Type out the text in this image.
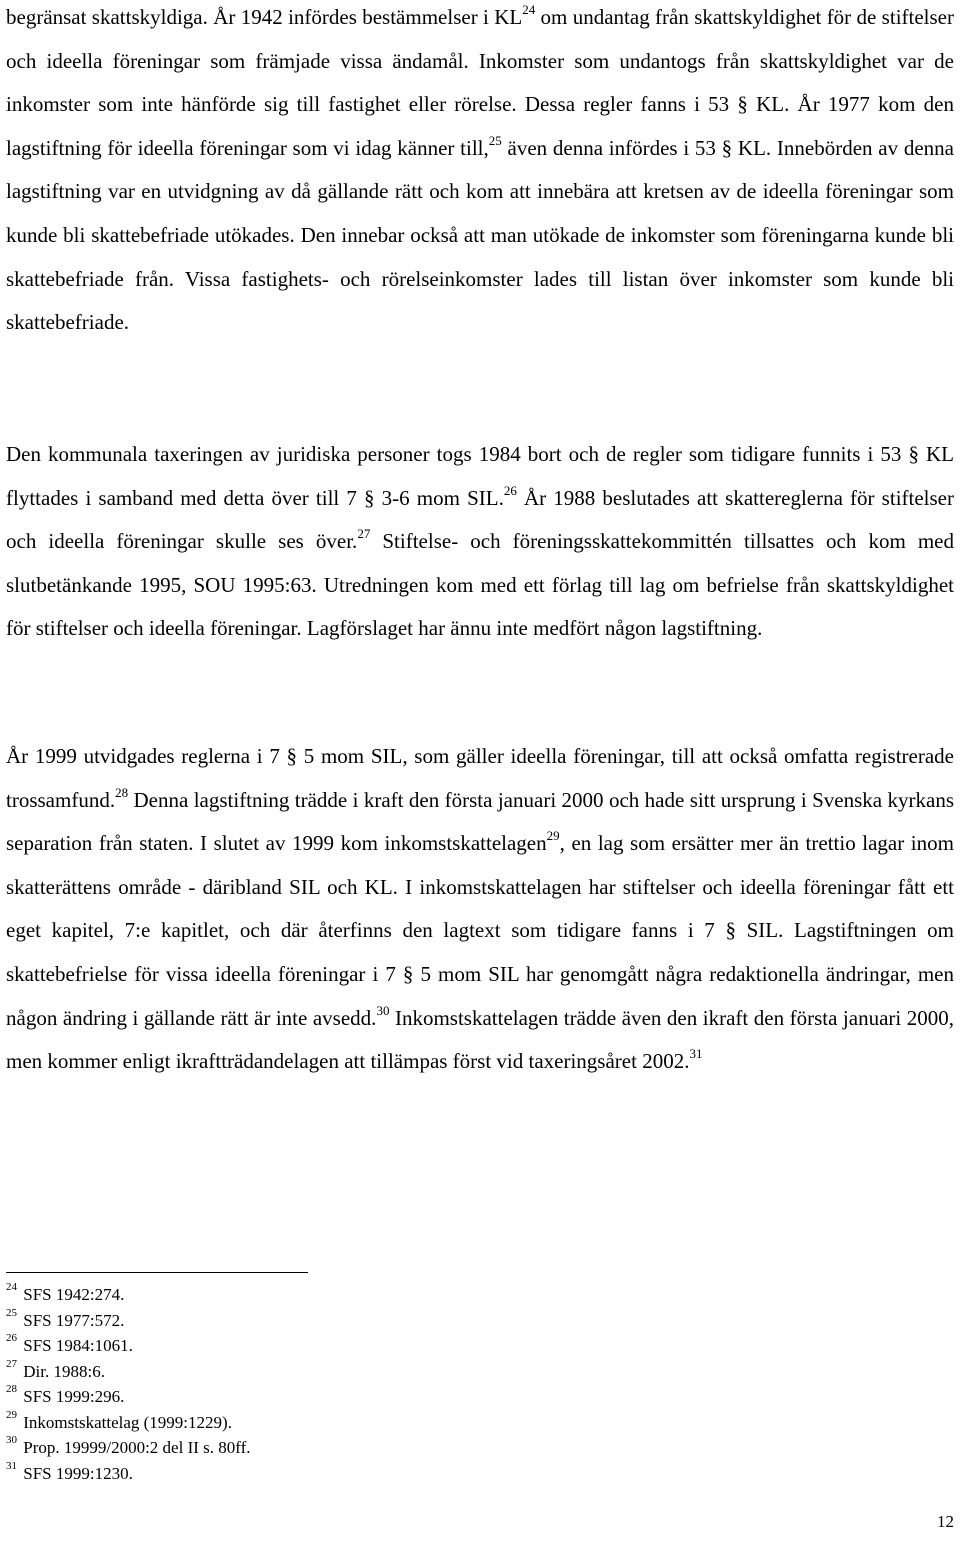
begränsat skattskyldiga. År 1942 infördes bestämmelser i KL$^{24}$ om undantag från skattskyldighet för de stiftelser och ideella föreningar som främjade vissa ändamål. Inkomster som undantogs från skattskyldighet var de inkomster som inte hänförde sig till fastighet eller rörelse. Dessa regler fanns i 53 § KL. År 1977 kom den lagstiftning för ideella föreningar som vi idag känner till,$^{25}$ även denna infördes i 53 § KL. Innebörden av denna lagstiftning var en utvidgning av då gällande rätt och kom att innebära att kretsen av de ideella föreningar som kunde bli skattebefriade utökades. Den innebar också att man utökade de inkomster som föreningarna kunde bli skattebefriade från. Vissa fastighets- och rörelseinkomster lades till listan över inkomster som kunde bli skattebefriade.

Den kommunala taxeringen av juridiska personer togs 1984 bort och de regler som tidigare funnits i 53 § KL flyttades i samband med detta över till 7 § 3-6 mom SIL.$^{26}$ År 1988 beslutades att skattereglerna för stiftelser och ideella föreningar skulle ses över.$^{27}$ Stiftelse- och föreningsskattekommittén tillsattes och kom med slutbetänkande 1995, SOU 1995:63. Utredningen kom med ett förlag till lag om befrielse från skattskyldighet för stiftelser och ideella föreningar. Lagförslaget har ännu inte medfört någon lagstiftning.

År 1999 utvidgades reglerna i 7 § 5 mom SIL, som gäller ideella föreningar, till att också omfatta registrerade trossamfund.$^{28}$ Denna lagstiftning trädde i kraft den första januari 2000 och hade sitt ursprung i Svenska kyrkans separation från staten. I slutet av 1999 kom inkomstskattelagen$^{29}$, en lag som ersätter mer än trettio lagar inom skatterättens område - däribland SIL och KL. I inkomstskattelagen har stiftelser och ideella föreningar fått ett eget kapitel, 7:e kapitlet, och där återfinns den lagtext som tidigare fanns i 7 § SIL. Lagstiftningen om skattebefrielse för vissa ideella föreningar i 7 § 5 mom SIL har genomgått några redaktionella ändringar, men någon ändring i gällande rätt är inte avsedd.$^{30}$ Inkomstskattelagen trädde även den ikraft den första januari 2000, men kommer enligt ikraftträdandelagen att tillämpas först vid taxeringsåret 2002.31

$^{24}$ SFS 1942:274.
$^{25}$ SFS 1977:572.
$^{26}$ SFS 1984:1061.
$^{27}$ Dir. 1988:6.
$^{28}$ SFS 1999:296.
$^{29}$ Inkomstskattelag (1999:1229).
$^{30}$ Prop. 19999/2000:2 del II s. 80ff.
$^{31}$ SFS 1999:1230.
12
